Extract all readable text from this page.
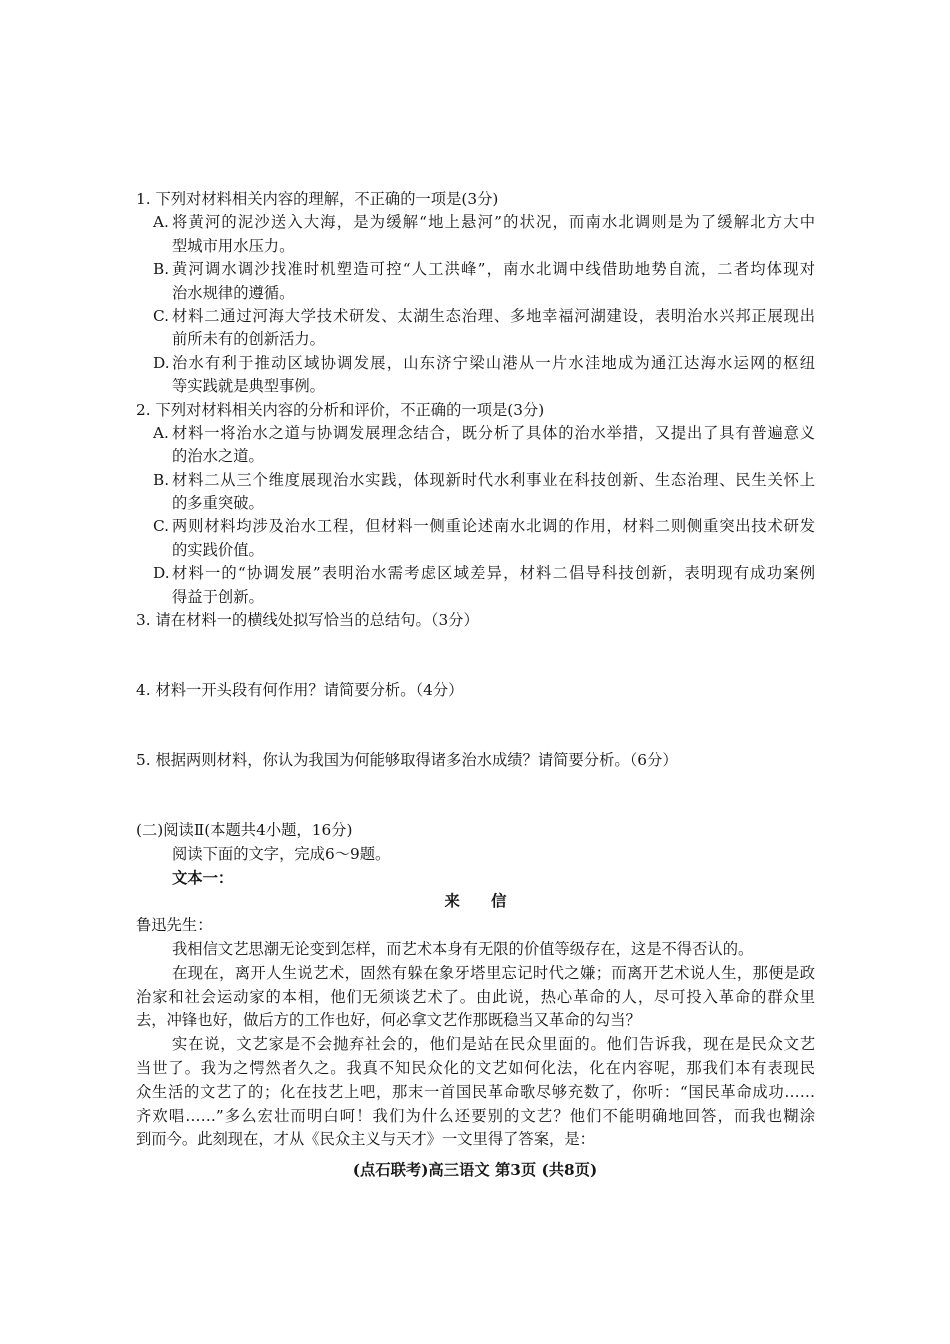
1. 下列对材料相关内容的理解，不正确的一项是(3分)
A. 将黄河的泥沙送入大海，是为缓解“地上悬河”的状况，而南水北调则是为了缓解北方大中
型城市用水压力。
B. 黄河调水调沙找准时机塑造可控“人工洪峰”，南水北调中线借助地势自流，二者均体现对
治水规律的遵循。
C. 材料二通过河海大学技术研发、太湖生态治理、多地幸福河湖建设，表明治水兴邦正展现出
前所未有的创新活力。
D. 治水有利于推动区域协调发展，山东济宁梁山港从一片水洼地成为通江达海水运网的枢纽
等实践就是典型事例。
2. 下列对材料相关内容的分析和评价，不正确的一项是(3分)
A. 材料一将治水之道与协调发展理念结合，既分析了具体的治水举措，又提出了具有普遍意义
的治水之道。
B. 材料二从三个维度展现治水实践，体现新时代水利事业在科技创新、生态治理、民生关怀上
的多重突破。
C. 两则材料均涉及治水工程，但材料一侧重论述南水北调的作用，材料二则侧重突出技术研发
的实践价值。
D. 材料一的“协调发展”表明治水需考虑区域差异，材料二倡导科技创新，表明现有成功案例
得益于创新。
3. 请在材料一的横线处拟写恰当的总结句。（3分）
4. 材料一开头段有何作用？请简要分析。（4分）
5. 根据两则材料，你认为我国为何能够取得诸多治水成绩？请简要分析。（6分）
(二)阅读Ⅱ(本题共4小题，16分)
阅读下面的文字，完成6～9题。
文本一：
来　信
鲁迅先生：
我相信文艺思潮无论变到怎样，而艺术本身有无限的价值等级存在，这是不得否认的。
在现在，离开人生说艺术，固然有躲在象牙塔里忘记时代之嫌；而离开艺术说人生，那便是政
治家和社会运动家的本相，他们无须谈艺术了。由此说，热心革命的人，尽可投入革命的群众里
去，冲锋也好，做后方的工作也好，何必拿文艺作那既稳当又革命的勾当？
实在说，文艺家是不会抛弃社会的，他们是站在民众里面的。他们告诉我，现在是民众文艺
当世了。我为之愕然者久之。我真不知民众化的文艺如何化法，化在内容呢，那我们本有表现民
众生活的文艺了的；化在技艺上吧，那末一首国民革命歌尽够充数了，你听：“国民革命成功……
齐欢唱……”多么宏壮而明白呵！我们为什么还要别的文艺？他们不能明确地回答，而我也糊涂
到而今。此刻现在，才从《民众主义与天才》一文里得了答案，是：
(点石联考)高三语文 第3页 (共8页)
